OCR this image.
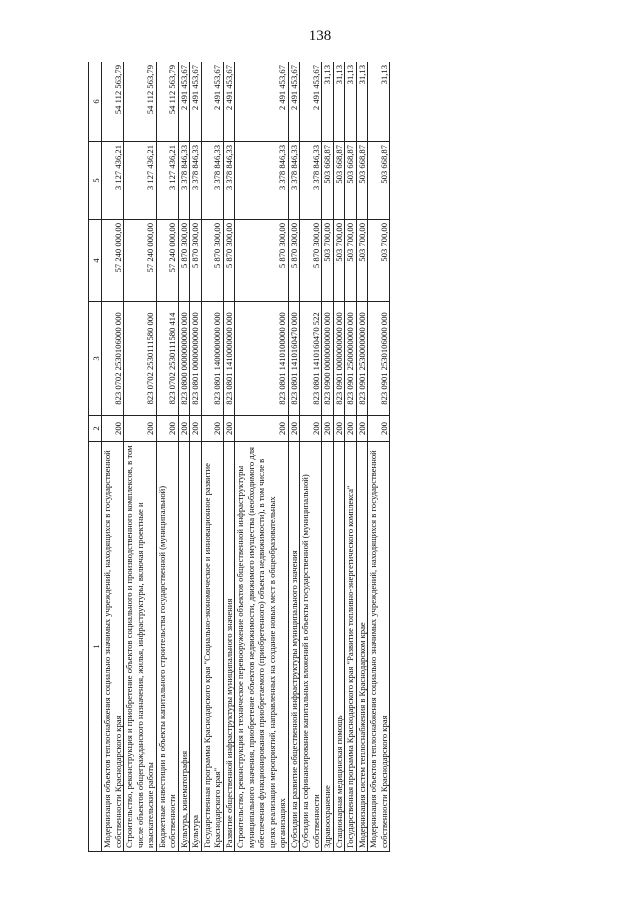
138
1	2	3	4	5	6
Модернизация объектов теплоснабжения социально значимых учреждений, находящихся в государственной собственности Краснодарского края	200	823 0702 2530106000 000	57 240 000,00	3 127 436,21	54 112 563,79
Строительство, реконструкция и приобретение объектов социального и производственного комплексов, в том числе объектов общегражданского назначения, жилья, инфраструктуры, включая проектные и изыскательские работы	200	823 0702 2530111580 000	57 240 000,00	3 127 436,21	54 112 563,79
Бюджетные инвестиции в объекты капитального строительства государственной (муниципальной) собственности	200	823 0702 2530111580 414	57 240 000,00	3 127 436,21	54 112 563,79
Культура, кинематография	200	823 0800 0000000000 000	5 870 300,00	3 378 846,33	2 491 453,67
Культура	200	823 0801 0000000000 000	5 870 300,00	3 378 846,33	2 491 453,67
Государственная программа Краснодарского края "Социально-экономическое и инновационное развитие Краснодарского края"	200	823 0801 1400000000 000	5 870 300,00	3 378 846,33	2 491 453,67
Развитие общественной инфраструктуры муниципального значения	200	823 0801 1410000000 000	5 870 300,00	3 378 846,33	2 491 453,67
Строительство, реконструкция и техническое перевооружение объектов общественной инфраструктуры муниципального значения, приобретение объектов недвижимости, движимого имущества (необходимого для обеспечения функционирования приобретаемого (приобретенного) объекта недвижимости), в том числе в целях реализации мероприятий, направленных на создание новых мест в общеобразовательных организациях	200	823 0801 1410100000 000	5 870 300,00	3 378 846,33	2 491 453,67
Субсидии на развитие общественной инфраструктуры муниципального значения	200	823 0801 1410160470 000	5 870 300,00	3 378 846,33	2 491 453,67
Субсидии на софинансирование капитальных вложений в объекты государственной (муниципальной) собственности	200	823 0801 1410160470 522	5 870 300,00	3 378 846,33	2 491 453,67
Здравоохранение	200	823 0900 0000000000 000	503 700,00	503 668,87	31,13
Стационарная медицинская помощь	200	823 0901 0000000000 000	503 700,00	503 668,87	31,13
Государственная программа Краснодарского края "Развитие топливно-энергетического комплекса"	200	823 0901 2500000000 000	503 700,00	503 668,87	31,13
Модернизация систем теплоснабжения в Краснодарском крае	200	823 0901 2530000000 000	503 700,00	503 668,87	31,13
Модернизация объектов теплоснабжения социально значимых учреждений, находящихся в государственной собственности Краснодарского края	200	823 0901 2530106000 000	503 700,00	503 668,87	31,13
